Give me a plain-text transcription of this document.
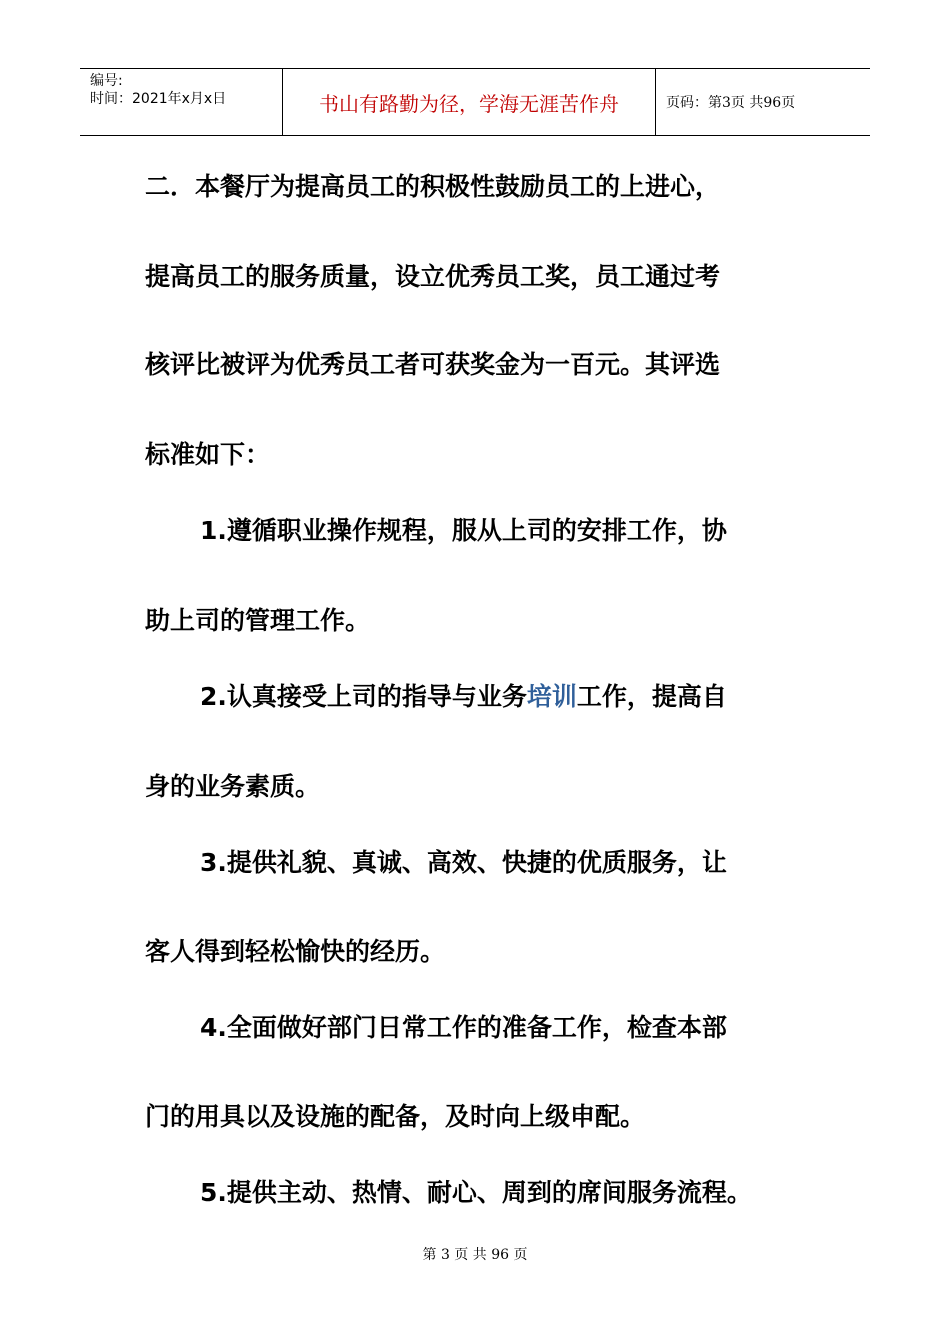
编号:
时间：2021年x月x日	书山有路勤为径，学海无涯苦作舟	页码：第3页 共96页
二．本餐厅为提高员工的积极性鼓励员工的上进心，
提高员工的服务质量，设立优秀员工奖，员工通过考
核评比被评为优秀员工者可获奖金为一百元。其评选
标准如下：
1.遵循职业操作规程，服从上司的安排工作，协
助上司的管理工作。
2.认真接受上司的指导与业务培训工作，提高自
身的业务素质。
3.提供礼貌、真诚、高效、快捷的优质服务，让
客人得到轻松愉快的经历。
4.全面做好部门日常工作的准备工作，检查本部
门的用具以及设施的配备，及时向上级申配。
5.提供主动、热情、耐心、周到的席间服务流程。
第 3 页 共 96 页
